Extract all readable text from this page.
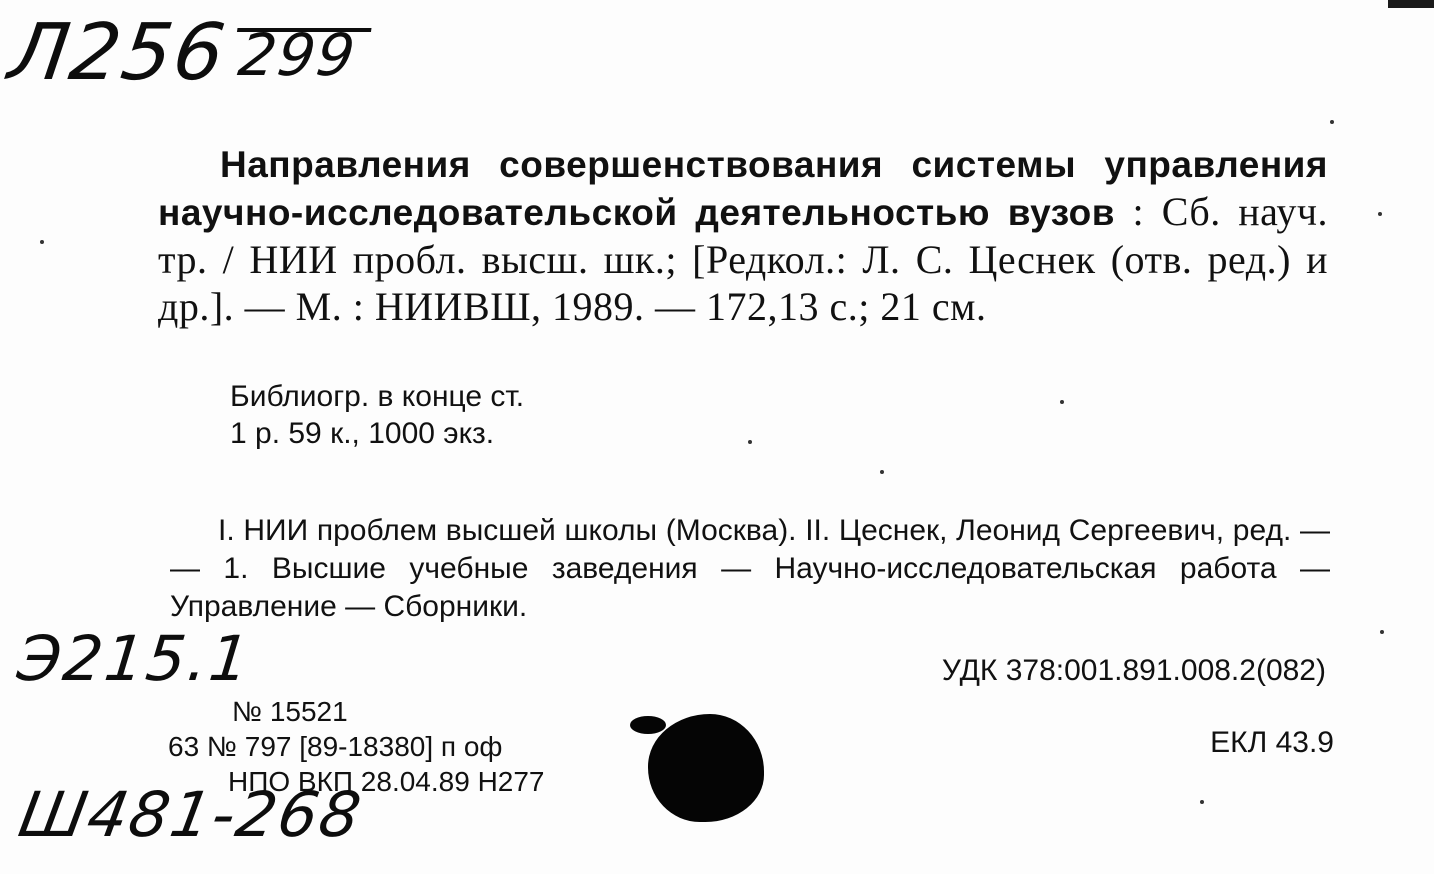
Л256299
Направления совершенствования системы управления научно-исследовательской деятельностью вузов : Сб. науч. тр. / НИИ пробл. высш. шк.; [Редкол.: Л. С. Цеснек (отв. ред.) и др.]. — М. : НИИВШ, 1989. — 172,13 с.; 21 см.
Библиогр. в конце ст.
1 р. 59 к., 1000 экз.
I. НИИ проблем высшей школы (Москва). II. Цеснек, Леонид Сергеевич, ред. — — 1. Высшие учебные заведения — Научно-исследовательская работа — Управление — Сборники.
Э215.1	УДК 378:001.891.008.2(082)
№ 15521
63 № 797 [89-18380] п оф
НПО ВКП 28.04.89 Н277
ЕКЛ 43.9
Ш481-268
